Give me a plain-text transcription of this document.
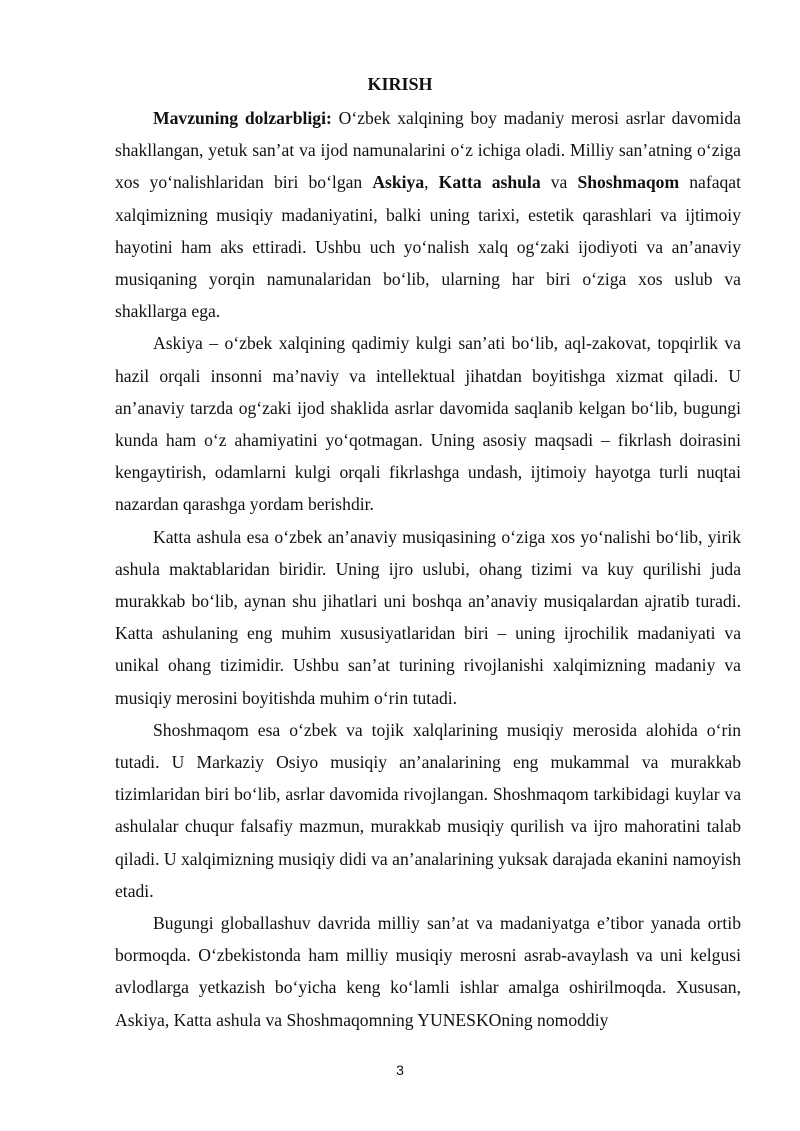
KIRISH

Mavzuning dolzarbligi: O‘zbek xalqining boy madaniy merosi asrlar davomida shakllangan, yetuk san’at va ijod namunalarini o‘z ichiga oladi. Milliy san’atning o‘ziga xos yo‘nalishlaridan biri bo‘lgan Askiya, Katta ashula va Shoshmaqom nafaqat xalqimizning musiqiy madaniyatini, balki uning tarixi, estetik qarashlari va ijtimoiy hayotini ham aks ettiradi. Ushbu uch yo‘nalish xalq og‘zaki ijodiyoti va an’anaviy musiqaning yorqin namunalaridan bo‘lib, ularning har biri o‘ziga xos uslub va shakllarga ega.

Askiya – o‘zbek xalqining qadimiy kulgi san’ati bo‘lib, aql-zakovat, topqirlik va hazil orqali insonni ma’naviy va intellektual jihatdan boyitishga xizmat qiladi. U an’anaviy tarzda og‘zaki ijod shaklida asrlar davomida saqlanib kelgan bo‘lib, bugungi kunda ham o‘z ahamiyatini yo‘qotmagan. Uning asosiy maqsadi – fikrlash doirasini kengaytirish, odamlarni kulgi orqali fikrlashga undash, ijtimoiy hayotga turli nuqtai nazardan qarashga yordam berishdir.

Katta ashula esa o‘zbek an’anaviy musiqasining o‘ziga xos yo‘nalishi bo‘lib, yirik ashula maktablaridan biridir. Uning ijro uslubi, ohang tizimi va kuy qurilishi juda murakkab bo‘lib, aynan shu jihatlari uni boshqa an’anaviy musiqalardan ajratib turadi. Katta ashulaning eng muhim xususiyatlaridan biri – uning ijrochilik madaniyati va unikal ohang tizimidir. Ushbu san’at turining rivojlanishi xalqimizning madaniy va musiqiy merosini boyitishda muhim o‘rin tutadi.

Shoshmaqom esa o‘zbek va tojik xalqlarining musiqiy merosida alohida o‘rin tutadi. U Markaziy Osiyo musiqiy an’analarining eng mukammal va murakkab tizimlaridan biri bo‘lib, asrlar davomida rivojlangan. Shoshmaqom tarkibidagi kuylar va ashulalar chuqur falsafiy mazmun, murakkab musiqiy qurilish va ijro mahoratini talab qiladi. U xalqimizning musiqiy didi va an’analarining yuksak darajada ekanini namoyish etadi.

Bugungi globallashuv davrida milliy san’at va madaniyatga e’tibor yanada ortib bormoqda. O‘zbekistonda ham milliy musiqiy merosni asrab-avaylash va uni kelgusi avlodlarga yetkazish bo‘yicha keng ko‘lamli ishlar amalga oshirilmoqda. Xususan, Askiya, Katta ashula va Shoshmaqomning YUNESKOning nomoddiy

3
